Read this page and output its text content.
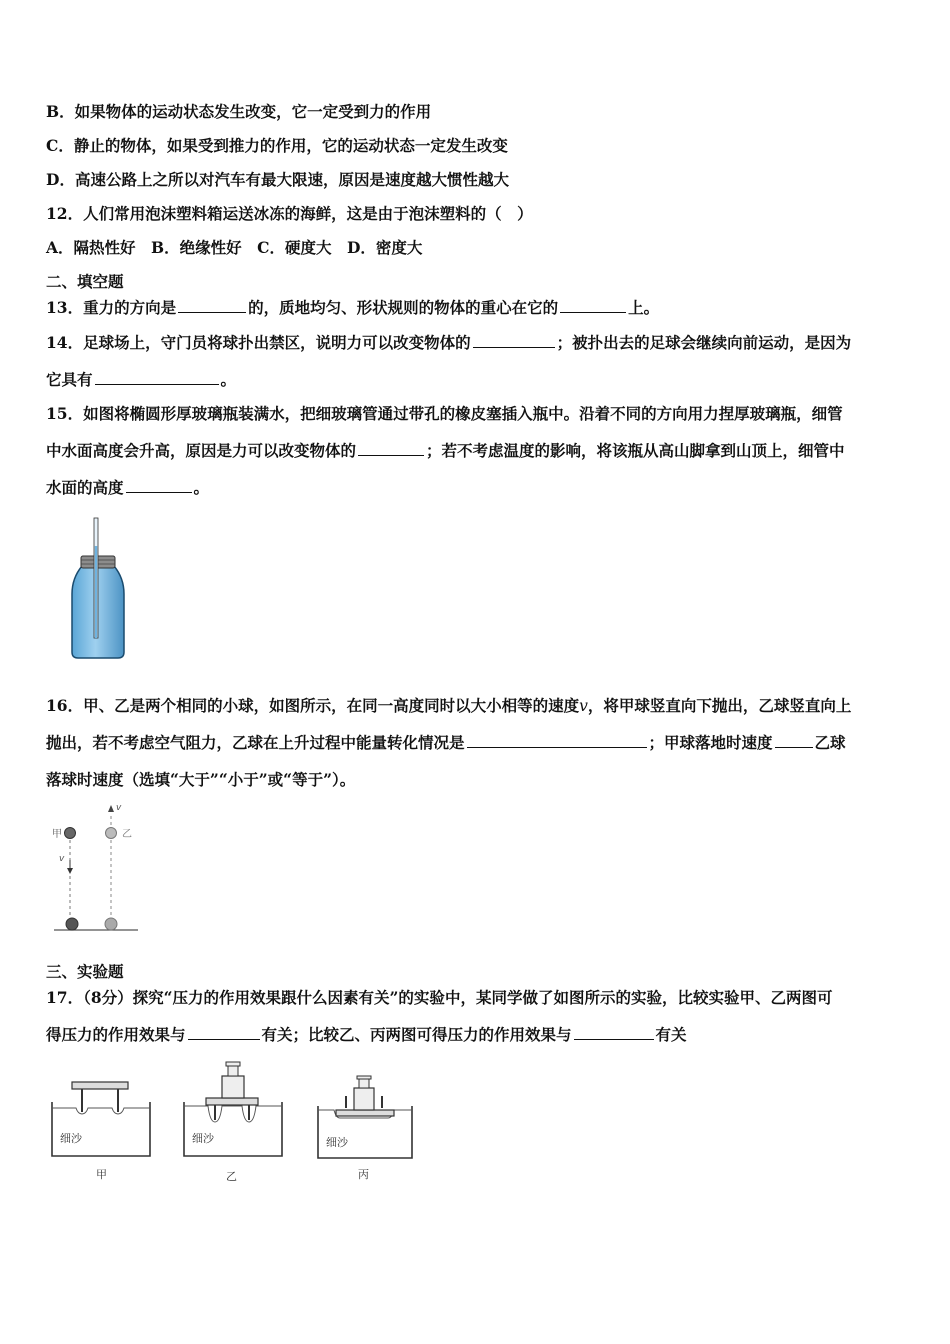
B．如果物体的运动状态发生改变，它一定受到力的作用
C．静止的物体，如果受到推力的作用，它的运动状态一定发生改变
D．高速公路上之所以对汽车有最大限速，原因是速度越大惯性越大
12．人们常用泡沫塑料箱运送冰冻的海鲜，这是由于泡沫塑料的（　）
A．隔热性好　B．绝缘性好　C．硬度大　D．密度大
二、填空题
13．重力的方向是	的，质地均匀、形状规则的物体的重心在它的	上。
14．足球场上，守门员将球扑出禁区，说明力可以改变物体的	；被扑出去的足球会继续向前运动，是因为
它具有	。
15．如图将椭圆形厚玻璃瓶装满水，把细玻璃管通过带孔的橡皮塞插入瓶中。沿着不同的方向用力捏厚玻璃瓶，细管
中水面高度会升高，原因是力可以改变物体的	；若不考虑温度的影响，将该瓶从高山脚拿到山顶上，细管中
水面的高度	。
16．甲、乙是两个相同的小球，如图所示，在同一高度同时以大小相等的速度v，将甲球竖直向下抛出，乙球竖直向上
抛出，若不考虑空气阻力，乙球在上升过程中能量转化情况是	；甲球落地时速度	乙球
落球时速度（选填“大于”“小于”或“等于”）。
甲
v
v
乙
三、实验题
17．（8分）探究“压力的作用效果跟什么因素有关”的实验中，某同学做了如图所示的实验，比较实验甲、乙两图可
得压力的作用效果与	有关；比较乙、丙两图可得压力的作用效果与	有关
细沙
甲
细沙
乙
细沙
丙
